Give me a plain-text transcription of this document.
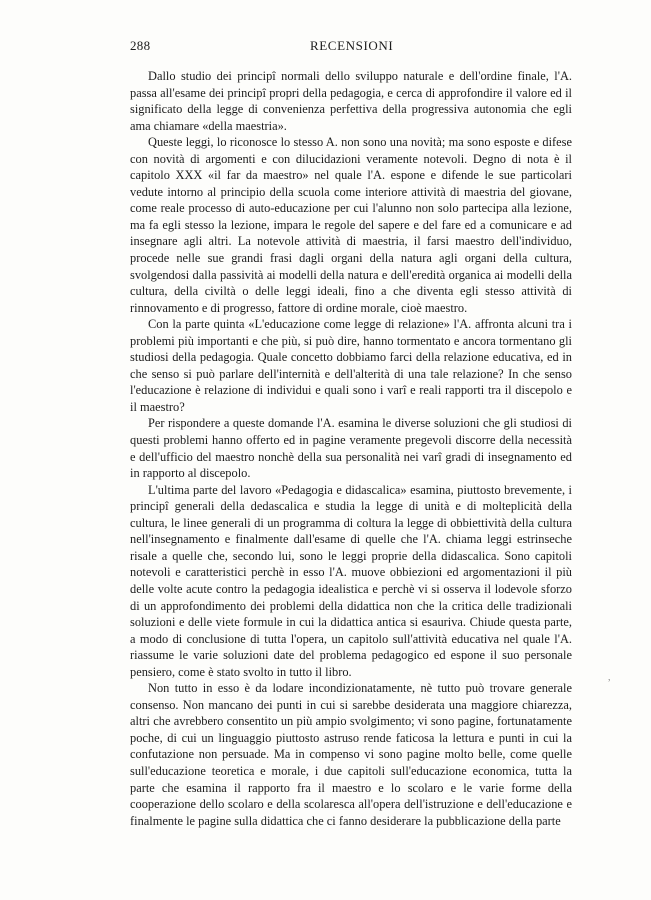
288	RECENSIONI

Dallo studio dei principî normali dello sviluppo naturale e dell'ordine finale, l'A. passa all'esame dei principî propri della pedagogia, e cerca di approfondire il valore ed il significato della legge di convenienza perfettiva della progressiva autonomia che egli ama chiamare «della maestria».

Queste leggi, lo riconosce lo stesso A. non sono una novità; ma sono esposte e difese con novità di argomenti e con dilucidazioni veramente notevoli. Degno di nota è il capitolo XXX «il far da maestro» nel quale l'A. espone e difende le sue particolari vedute intorno al principio della scuola come interiore attività di maestria del giovane, come reale processo di auto-educazione per cui l'alunno non solo partecipa alla lezione, ma fa egli stesso la lezione, impara le regole del sapere e del fare ed a comunicare e ad insegnare agli altri. La notevole attività di maestria, il farsi maestro dell'individuo, procede nelle sue grandi frasi dagli organi della natura agli organi della cultura, svolgendosi dalla passività ai modelli della natura e dell'eredità organica ai modelli della cultura, della civiltà o delle leggi ideali, fino a che diventa egli stesso attività di rinnovamento e di progresso, fattore di ordine morale, cioè maestro.

Con la parte quinta «L'educazione come legge di relazione» l'A. affronta alcuni tra i problemi più importanti e che più, si può dire, hanno tormentato e ancora tormentano gli studiosi della pedagogia. Quale concetto dobbiamo farci della relazione educativa, ed in che senso si può parlare dell'internità e dell'alterità di una tale relazione? In che senso l'educazione è relazione di individui e quali sono i varî e reali rapporti tra il discepolo e il maestro?

Per rispondere a queste domande l'A. esamina le diverse soluzioni che gli studiosi di questi problemi hanno offerto ed in pagine veramente pregevoli discorre della necessità e dell'ufficio del maestro nonchè della sua personalità nei varî gradi di insegnamento ed in rapporto al discepolo.

L'ultima parte del lavoro «Pedagogia e didascalica» esamina, piuttosto brevemente, i principî generali della dedascalica e studia la legge di unità e di molteplicità della cultura, le linee generali di un programma di coltura la legge di obbiettività della cultura nell'insegnamento e finalmente dall'esame di quelle che l'A. chiama leggi estrinseche risale a quelle che, secondo lui, sono le leggi proprie della didascalica. Sono capitoli notevoli e caratteristici perchè in esso l'A. muove obbiezioni ed argomentazioni il più delle volte acute contro la pedagogia idealistica e perchè vi si osserva il lodevole sforzo di un approfondimento dei problemi della didattica non che la critica delle tradizionali soluzioni e delle viete formule in cui la didattica antica si esauriva. Chiude questa parte, a modo di conclusione di tutta l'opera, un capitolo sull'attività educativa nel quale l'A. riassume le varie soluzioni date del problema pedagogico ed espone il suo personale pensiero, come è stato svolto in tutto il libro.

Non tutto in esso è da lodare incondizionatamente, nè tutto può trovare generale consenso. Non mancano dei punti in cui si sarebbe desiderata una maggiore chiarezza, altri che avrebbero consentito un più ampio svolgimento; vi sono pagine, fortunatamente poche, di cui un linguaggio piuttosto astruso rende faticosa la lettura e punti in cui la confutazione non persuade. Ma in compenso vi sono pagine molto belle, come quelle sull'educazione teoretica e morale, i due capitoli sull'educazione economica, tutta la parte che esamina il rapporto fra il maestro e lo scolaro e le varie forme della cooperazione dello scolaro e della scolaresca all'opera dell'istruzione e dell'educazione e finalmente le pagine sulla didattica che ci fanno desiderare la pubblicazione della parte

,
